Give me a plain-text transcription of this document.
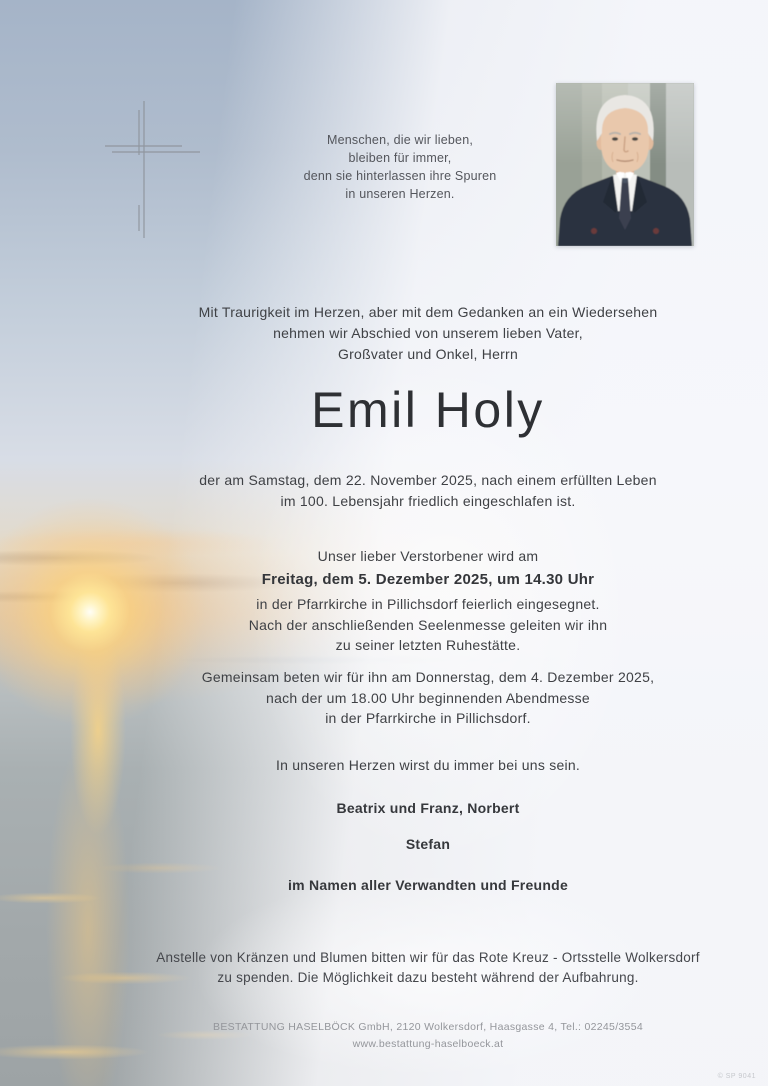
Menschen, die wir lieben,
bleiben für immer,
denn sie hinterlassen ihre Spuren
in unseren Herzen.
Mit Traurigkeit im Herzen, aber mit dem Gedanken an ein Wiedersehen
nehmen wir Abschied von unserem lieben Vater,
Großvater und Onkel, Herrn
Emil Holy
der am Samstag, dem 22. November 2025, nach einem erfüllten Leben
im 100. Lebensjahr friedlich eingeschlafen ist.
Unser lieber Verstorbener wird am
Freitag, dem 5. Dezember 2025, um 14.30 Uhr
in der Pfarrkirche in Pillichsdorf feierlich eingesegnet.
Nach der anschließenden Seelenmesse geleiten wir ihn
zu seiner letzten Ruhestätte.
Gemeinsam beten wir für ihn am Donnerstag, dem 4. Dezember 2025,
nach der um 18.00 Uhr beginnenden Abendmesse
in der Pfarrkirche in Pillichsdorf.
In unseren Herzen wirst du immer bei uns sein.
Beatrix und Franz, Norbert
Stefan
im Namen aller Verwandten und Freunde
Anstelle von Kränzen und Blumen bitten wir für das Rote Kreuz - Ortsstelle Wolkersdorf
zu spenden. Die Möglichkeit dazu besteht während der Aufbahrung.
BESTATTUNG HASELBÖCK GmbH, 2120 Wolkersdorf, Haasgasse 4, Tel.: 02245/3554
www.bestattung-haselboeck.at
© SP 9041
